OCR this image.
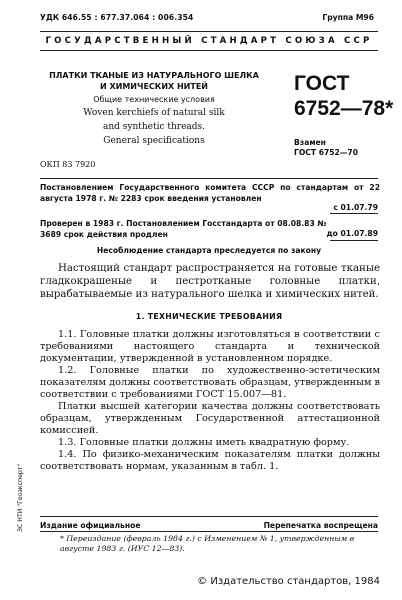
УДК 646.55 : 677.37.064 : 006.354	Группа М96
ГОСУДАРСТВЕННЫЙ СТАНДАРТ СОЮЗА ССР
ПЛАТКИ ТКАНЫЕ ИЗ НАТУРАЛЬНОГО ШЕЛКА
И ХИМИЧЕСКИХ НИТЕЙ
Общие технические условия
Woven kerchiefs of natural silk
and synthetic threads.
General specifications
ГОСТ
6752—78*
Взамен
ГОСТ 6752—70
ОКП 83 7920
Постановлением Государственного комитета СССР по стандартам от 22 августа 1978 г. № 2283 срок введения установлен
с 01.07.79
Проверен в 1983 г. Постановлением Госстандарта от 08.08.83 № 3689 срок действия продлен	до 01.07.89
Несоблюдение стандарта преследуется по закону

Настоящий стандарт распространяется на готовые тканые гладкокрашеные и пестротканые головные платки, вырабатываемые из натурального шелка и химических нитей.

1. ТЕХНИЧЕСКИЕ ТРЕБОВАНИЯ

1.1. Головные платки должны изготовляться в соответствии с требованиями настоящего стандарта и технической документации, утвержденной в установленном порядке.

1.2. Головные платки по художественно-эстетическим показателям должны соответствовать образцам, утвержденным в соответствии с требованиями ГОСТ 15.007—81.

Платки высшей категории качества должны соответствовать образцам, утвержденным Государственной аттестационной комиссией.

1.3. Головные платки должны иметь квадратную форму.

1.4. По физико-механическим показателям платки должны соответствовать нормам, указанным в табл. 1.

ЗС НТИ "Геоэксперт" Издание официальное	Перепечатка воспрещена
* Переиздание (февраль 1984 г.) с Изменением № 1, утвержденным в августе 1983 г. (ИУС 12—83).
© Издательство стандартов, 1984
